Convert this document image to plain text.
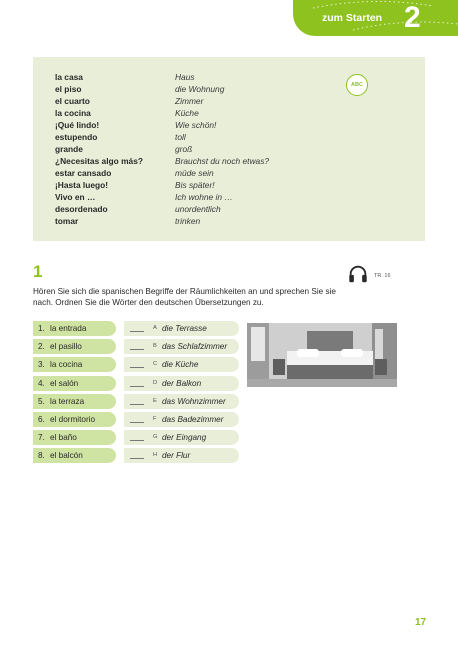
zum Starten 2
la casa	Haus
el piso	die Wohnung
el cuarto	Zimmer
la cocina	Küche
¡Qué lindo!	Wie schön!
estupendo	toll
grande	groß
¿Necesitas algo más?	Brauchst du noch etwas?
estar cansado	müde sein
¡Hasta luego!	Bis später!
Vivo en …	Ich wohne in …
desordenado	unordentlich
tomar	trinken
ABC
1
Hören Sie sich die spanischen Begriffe der Räumlichkeiten an und sprechen Sie sie nach. Ordnen Sie die Wörter den deutschen Übersetzungen zu.
TR. 16
1. la entrada	A die Terrasse
2. el pasillo	B das Schlafzimmer
3. la cocina	C die Küche
4. el salón	D der Balkon
5. la terraza	E das Wohnzimmer
6. el dormitorio	F das Badezimmer
7. el baño	G der Eingang
8. el balcón	H der Flur
17
